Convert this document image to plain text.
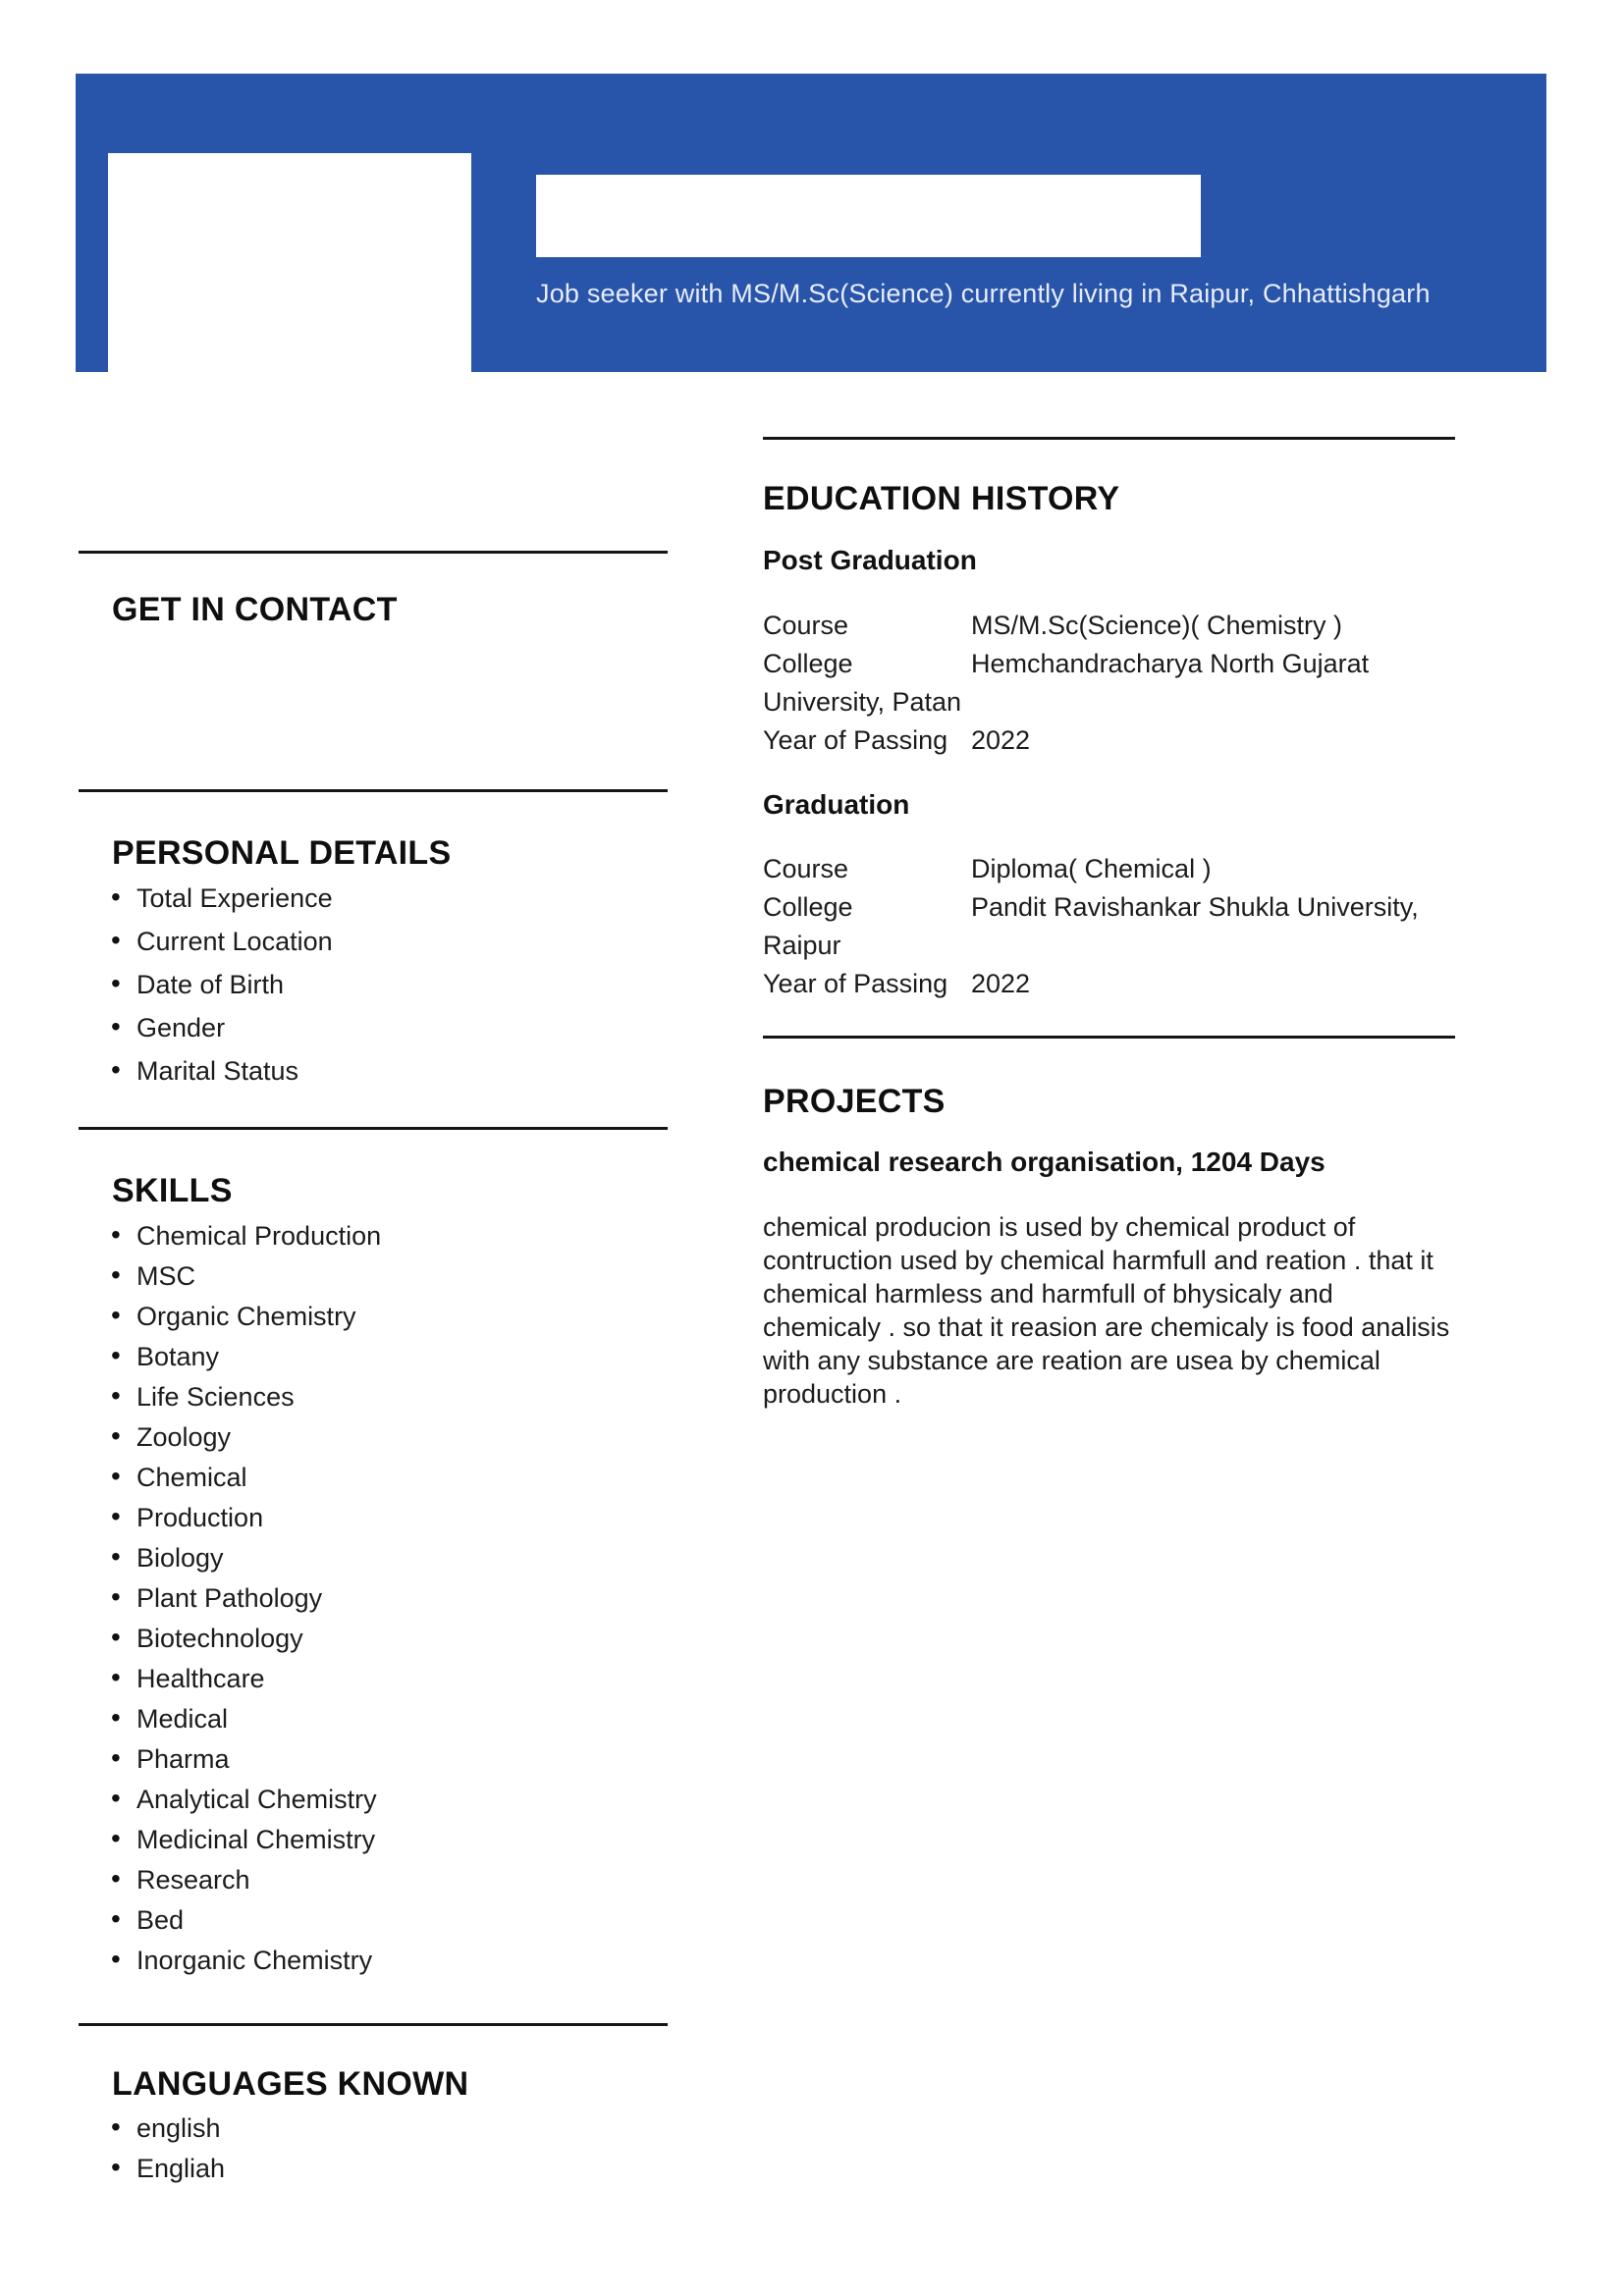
Job seeker with MS/M.Sc(Science) currently living in Raipur, Chhattishgarh
GET IN CONTACT
PERSONAL DETAILS
• Total Experience
• Current Location
• Date of Birth
• Gender
• Marital Status
SKILLS
• Chemical Production
• MSC
• Organic Chemistry
• Botany
• Life Sciences
• Zoology
• Chemical
• Production
• Biology
• Plant Pathology
• Biotechnology
• Healthcare
• Medical
• Pharma
• Analytical Chemistry
• Medicinal Chemistry
• Research
• Bed
• Inorganic Chemistry
LANGUAGES KNOWN
• english
• Engliah
EDUCATION HISTORY
Post Graduation

Course	MS/M.Sc(Science)( Chemistry )

College	Hemchandracharya North Gujarat

University, Patan

Year of Passing 2022

Graduation

Course	Diploma( Chemical )

College	Pandit Ravishankar Shukla University,

Raipur

Year of Passing 2022

PROJECTS
chemical research organisation, 1204 Days
chemical producion is used by chemical product of
contruction used by chemical harmfull and reation . that it
chemical harmless and harmfull of bhysicaly and
chemicaly . so that it reasion are chemicaly is food analisis
with any substance are reation are usea by chemical
production .
